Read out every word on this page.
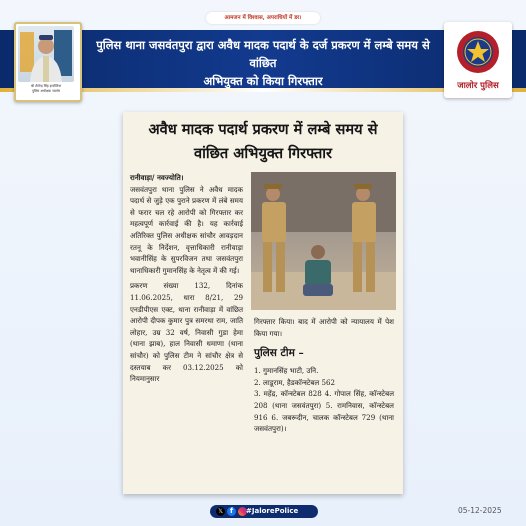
आमजन में विश्वास, अपराधियों में डर।
पुलिस थाना जसवंतपुरा द्वारा अवैध मादक पदार्थ के दर्ज प्रकरण में लम्बे समय से वांछित
अभियुक्त को किया गिरफ्तार
श्री शैलेन्द्र सिंह इन्दोलिया
पुलिस अधीक्षक जालोर	जालोर पुलिस
अवैध मादक पदार्थ प्रकरण में लम्बे समय से वांछित अभियुक्त गिरफ्तार

रानीवाड़ा/ नवज्योति।

जसवंतपुरा थाना पुलिस ने अवैध मादक पदार्थ से जुड़े एक पुराने प्रकरण में लंबे समय से फरार चल रहे आरोपी को गिरफ्तार कर महत्वपूर्ण कार्रवाई की है। यह कार्रवाई अतिरिक्त पुलिस अधीक्षक सांचौर आवड़दान रतनू के निर्देशन, वृत्ताधिकारी रानीवाड़ा भवानीसिंह के सुपरविजन तथा जसवंतपुरा थानाधिकारी गुमानसिंह के नेतृत्व में की गई।

प्रकरण संख्या 132, दिनांक 11.06.2025, धारा 8/21, 29 एनडीपीएस एक्ट, थाना रानीवाड़ा में वांछित आरोपी दीपक कुमार पुत्र समरथा राम, जाति लोहार, उम्र 32 वर्ष, निवासी गुडा हेमा (थाना झाब), हाल निवासी धमाणा (थाना सांचौर) को पुलिस टीम ने सांचौर क्षेत्र से दस्तयाब कर 03.12.2025 को नियमानुसार

गिरफ्तार किया। बाद में आरोपी को न्यायालय में पेश किया गया।

पुलिस टीम –
1. गुमानसिंह भाटी, उनि.
2. लाडूराम, हैडकॉन्स्टेबल 562
3. महेंद्र, कॉन्स्टेबल 828 4. गोपाल सिंह, कॉन्स्टेबल 208 (थाना जसवंतपुरा) 5. रामनिवास, कॉन्स्टेबल 916 6. जबरूदीन, चालक कॉन्स्टेबल 729 (थाना जसवंतपुरा)।
𝕏	f	#JalorePolice	05-12-2025
